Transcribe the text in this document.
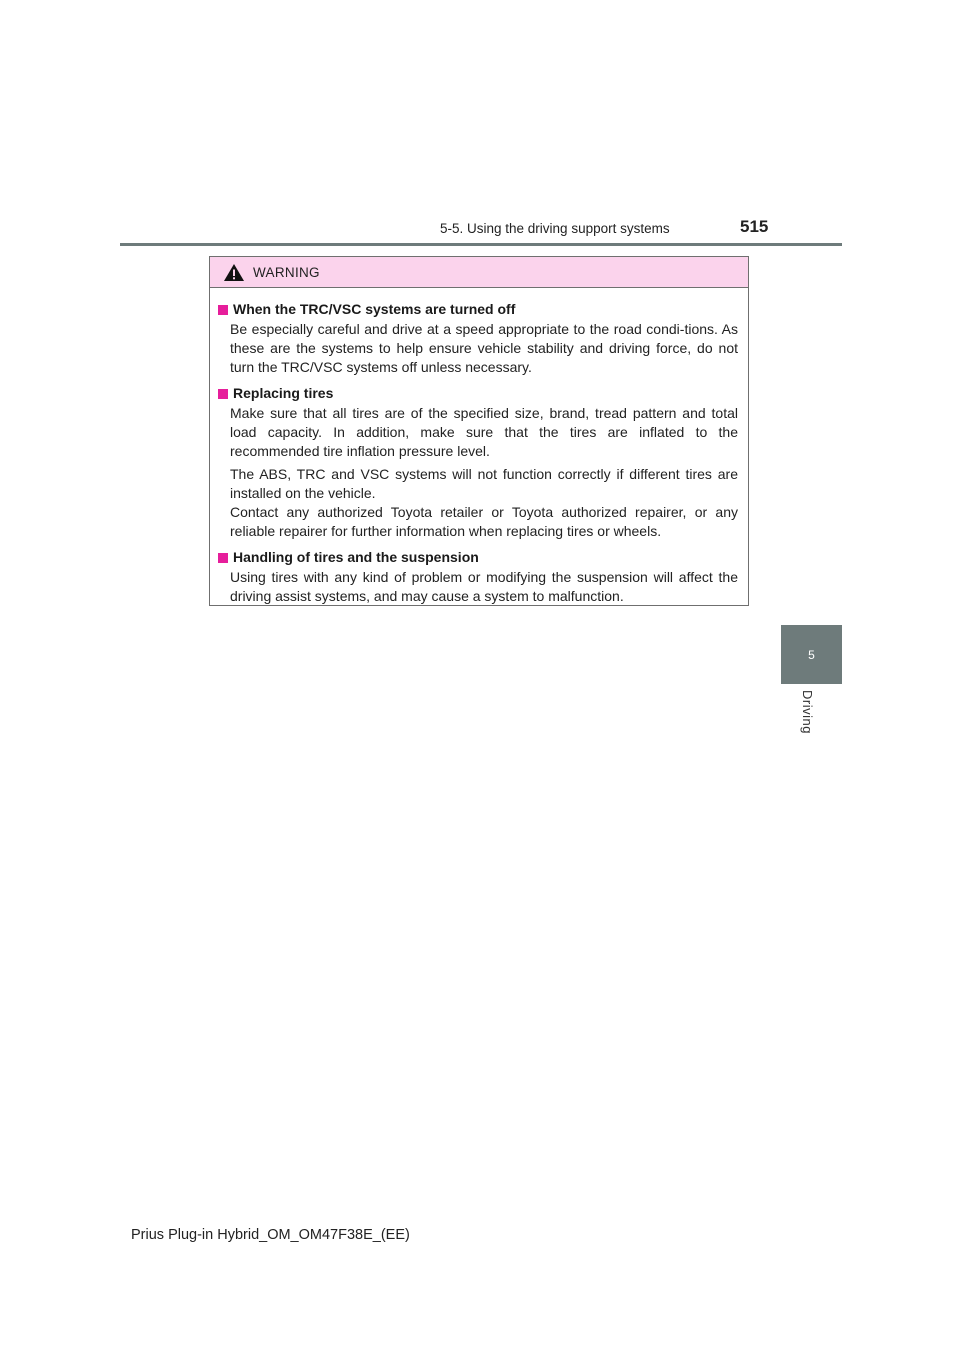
5-5. Using the driving support systems	515
5
Driving
WARNING
When the TRC/VSC systems are turned off
Be especially careful and drive at a speed appropriate to the road condi-tions. As these are the systems to help ensure vehicle stability and driving force, do not turn the TRC/VSC systems off unless necessary.
Replacing tires
Make sure that all tires are of the specified size, brand, tread pattern and total load capacity. In addition, make sure that the tires are inflated to the recommended tire inflation pressure level.
The ABS, TRC and VSC systems will not function correctly if different tires are installed on the vehicle.
Contact any authorized Toyota retailer or Toyota authorized repairer, or any reliable repairer for further information when replacing tires or wheels.
Handling of tires and the suspension
Using tires with any kind of problem or modifying the suspension will affect the driving assist systems, and may cause a system to malfunction.
Prius Plug-in Hybrid_OM_OM47F38E_(EE)
